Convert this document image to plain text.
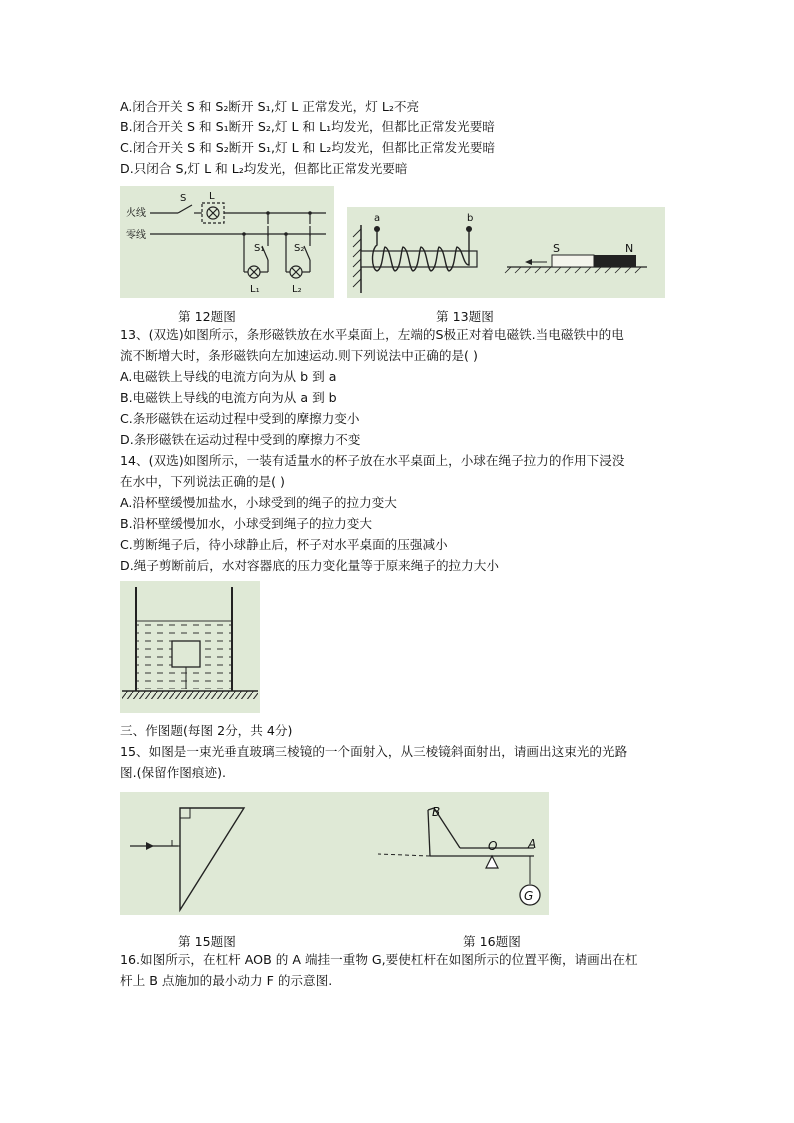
A.闭合开关 S 和 S₂断开 S₁,灯 L 正常发光，灯 L₂不亮
B.闭合开关 S 和 S₁断开 S₂,灯 L 和 L₁均发光，但都比正常发光要暗
C.闭合开关 S 和 S₂断开 S₁,灯 L 和 L₂均发光，但都比正常发光要暗
D.只闭合 S,灯 L 和 L₂均发光，但都比正常发光要暗
火线
零线
S L
S₁	S₂
L₁	L₂
a	b
S	N
第 12题图	第 13题图
13、(双选)如图所示，条形磁铁放在水平桌面上，左端的S极正对着电磁铁.当电磁铁中的电
流不断增大时，条形磁铁向左加速运动.则下列说法中正确的是( )
A.电磁铁上导线的电流方向为从 b 到 a
B.电磁铁上导线的电流方向为从 a 到 b
C.条形磁铁在运动过程中受到的摩擦力变小
D.条形磁铁在运动过程中受到的摩擦力不变
14、(双选)如图所示，一装有适量水的杯子放在水平桌面上，小球在绳子拉力的作用下浸没
在水中，下列说法正确的是( )
A.沿杯壁缓慢加盐水，小球受到的绳子的拉力变大
B.沿杯壁缓慢加水，小球受到绳子的拉力变大
C.剪断绳子后，待小球静止后，杯子对水平桌面的压强减小
D.绳子剪断前后，水对容器底的压力变化量等于原来绳子的拉力大小
三、作图题(每图 2分，共 4分)
15、如图是一束光垂直玻璃三棱镜的一个面射入，从三棱镜斜面射出，请画出这束光的光路
图.(保留作图痕迹).
B
O	A
G
第 15题图	第 16题图
16.如图所示，在杠杆 AOB 的 A 端挂一重物 G,要使杠杆在如图所示的位置平衡，请画出在杠
杆上 B 点施加的最小动力 F 的示意图.
